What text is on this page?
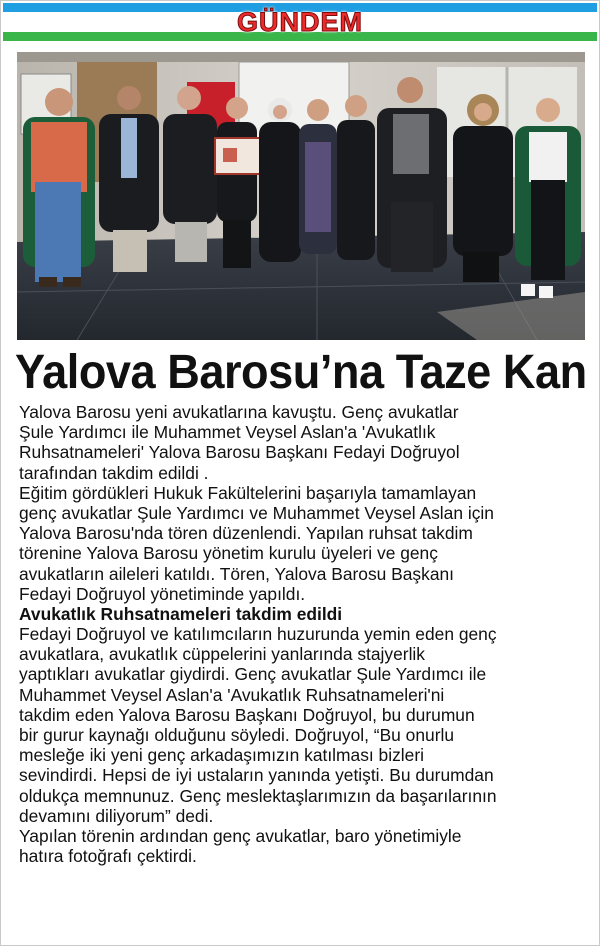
GÜNDEM
Yalova Barosu’na Taze Kan
Yalova Barosu yeni avukatlarına kavuştu. Genç avukatlar
Şule Yardımcı ile Muhammet Veysel Aslan'a 'Avukatlık
Ruhsatnameleri' Yalova Barosu Başkanı Fedayi Doğruyol
tarafından takdim edildi .
Eğitim gördükleri Hukuk Fakültelerini başarıyla tamamlayan
genç avukatlar Şule Yardımcı ve Muhammet Veysel Aslan için
Yalova Barosu'nda tören düzenlendi. Yapılan ruhsat takdim
törenine Yalova Barosu yönetim kurulu üyeleri ve genç
avukatların aileleri katıldı. Tören, Yalova Barosu Başkanı
Fedayi Doğruyol yönetiminde yapıldı.
Avukatlık Ruhsatnameleri takdim edildi
Fedayi Doğruyol ve katılımcıların huzurunda yemin eden genç
avukatlara, avukatlık cüppelerini yanlarında stajyerlik
yaptıkları avukatlar giydirdi. Genç avukatlar Şule Yardımcı ile
Muhammet Veysel Aslan'a 'Avukatlık Ruhsatnameleri'ni
takdim eden Yalova Barosu Başkanı Doğruyol, bu durumun
bir gurur kaynağı olduğunu söyledi. Doğruyol, “Bu onurlu
mesleğe iki yeni genç arkadaşımızın katılması bizleri
sevindirdi. Hepsi de iyi ustaların yanında yetişti. Bu durumdan
oldukça memnunuz. Genç meslektaşlarımızın da başarılarının
devamını diliyorum” dedi.
Yapılan törenin ardından genç avukatlar, baro yönetimiyle
hatıra fotoğrafı çektirdi.
